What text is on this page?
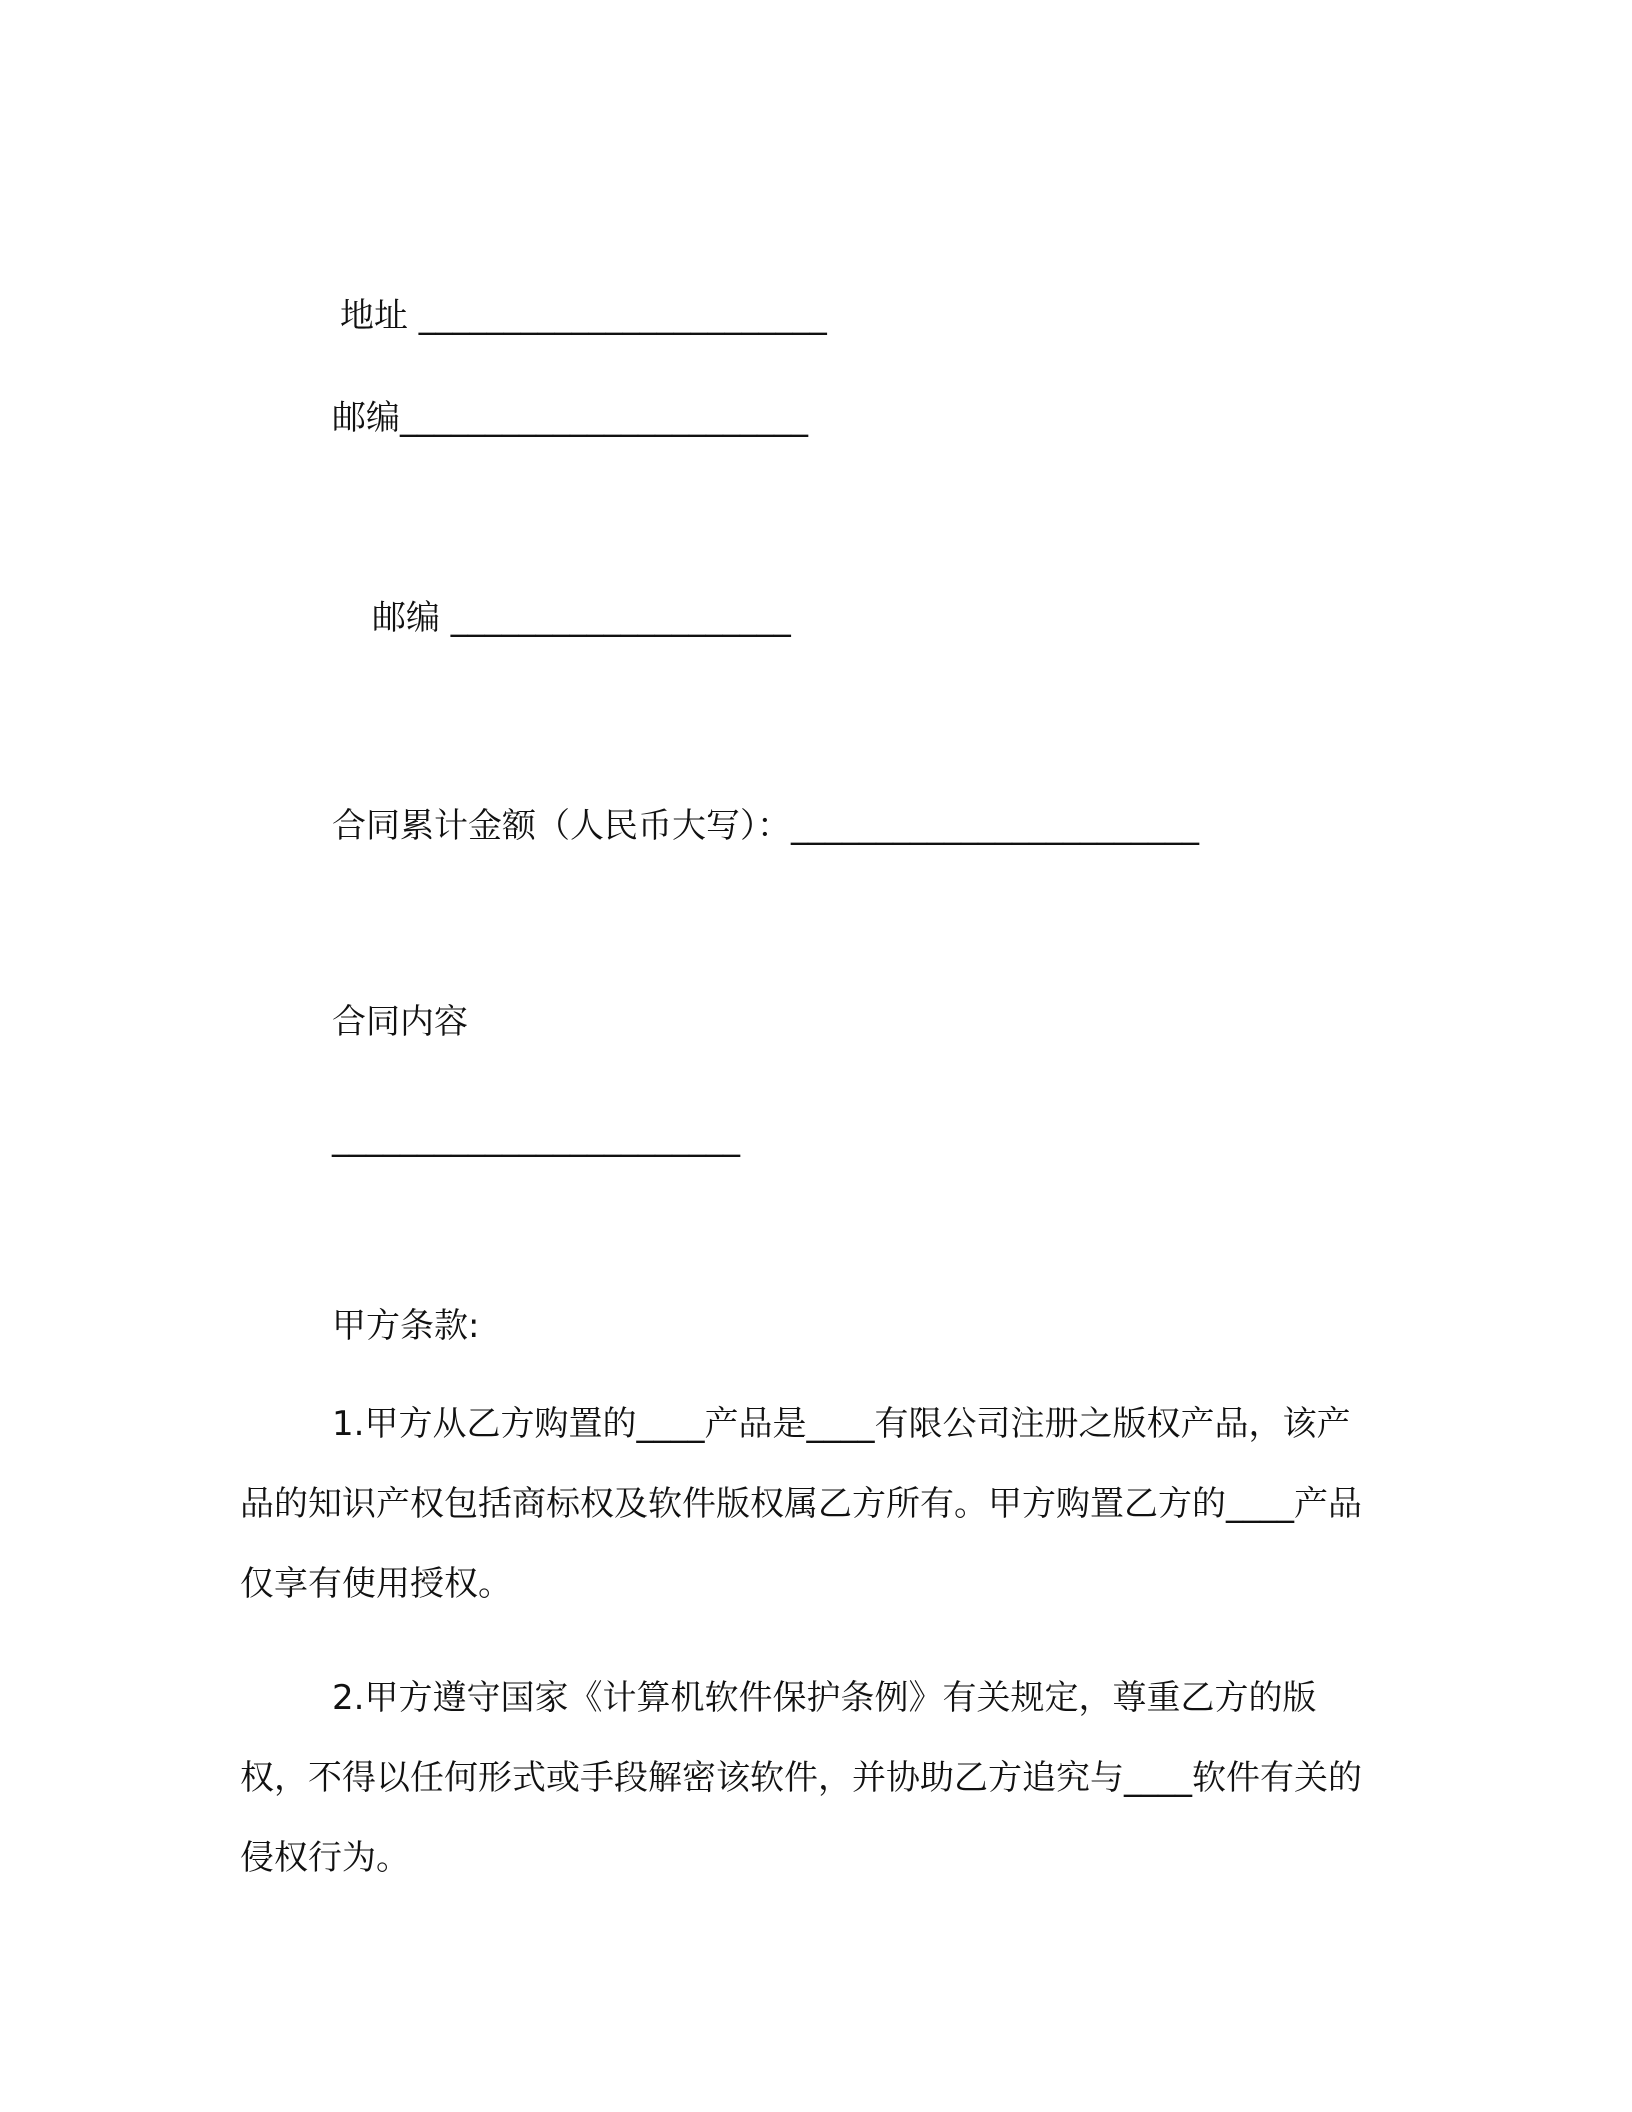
地址 ________________________
邮编________________________
邮编 ____________________
合同累计金额（人民币大写）：________________________
合同内容
________________________
甲方条款:
1.甲方从乙方购置的____产品是____有限公司注册之版权产品，该产品的知识产权包括商标权及软件版权属乙方所有。甲方购置乙方的____产品仅享有使用授权。
2.甲方遵守国家《计算机软件保护条例》有关规定，尊重乙方的版权，不得以任何形式或手段解密该软件，并协助乙方追究与____软件有关的侵权行为。
